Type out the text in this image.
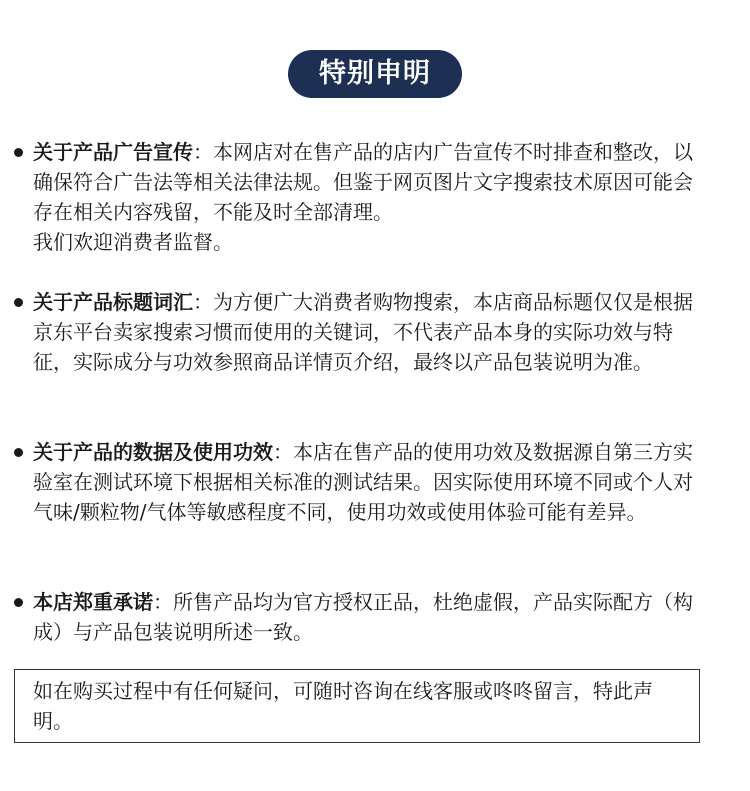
特别申明
关于产品广告宣传：本网店对在售产品的店内广告宣传不时排查和整改，以确保符合广告法等相关法律法规。但鉴于网页图片文字搜索技术原因可能会存在相关内容残留，不能及时全部清理。
我们欢迎消费者监督。
关于产品标题词汇：为方便广大消费者购物搜索，本店商品标题仅仅是根据京东平台卖家搜索习惯而使用的关键词，不代表产品本身的实际功效与特征，实际成分与功效参照商品详情页介绍，最终以产品包装说明为准。
关于产品的数据及使用功效：本店在售产品的使用功效及数据源自第三方实验室在测试环境下根据相关标准的测试结果。因实际使用环境不同或个人对气味/颗粒物/气体等敏感程度不同，使用功效或使用体验可能有差异。
本店郑重承诺：所售产品均为官方授权正品，杜绝虚假，产品实际配方（构成）与产品包装说明所述一致。
如在购买过程中有任何疑问，可随时咨询在线客服或咚咚留言，特此声明。
